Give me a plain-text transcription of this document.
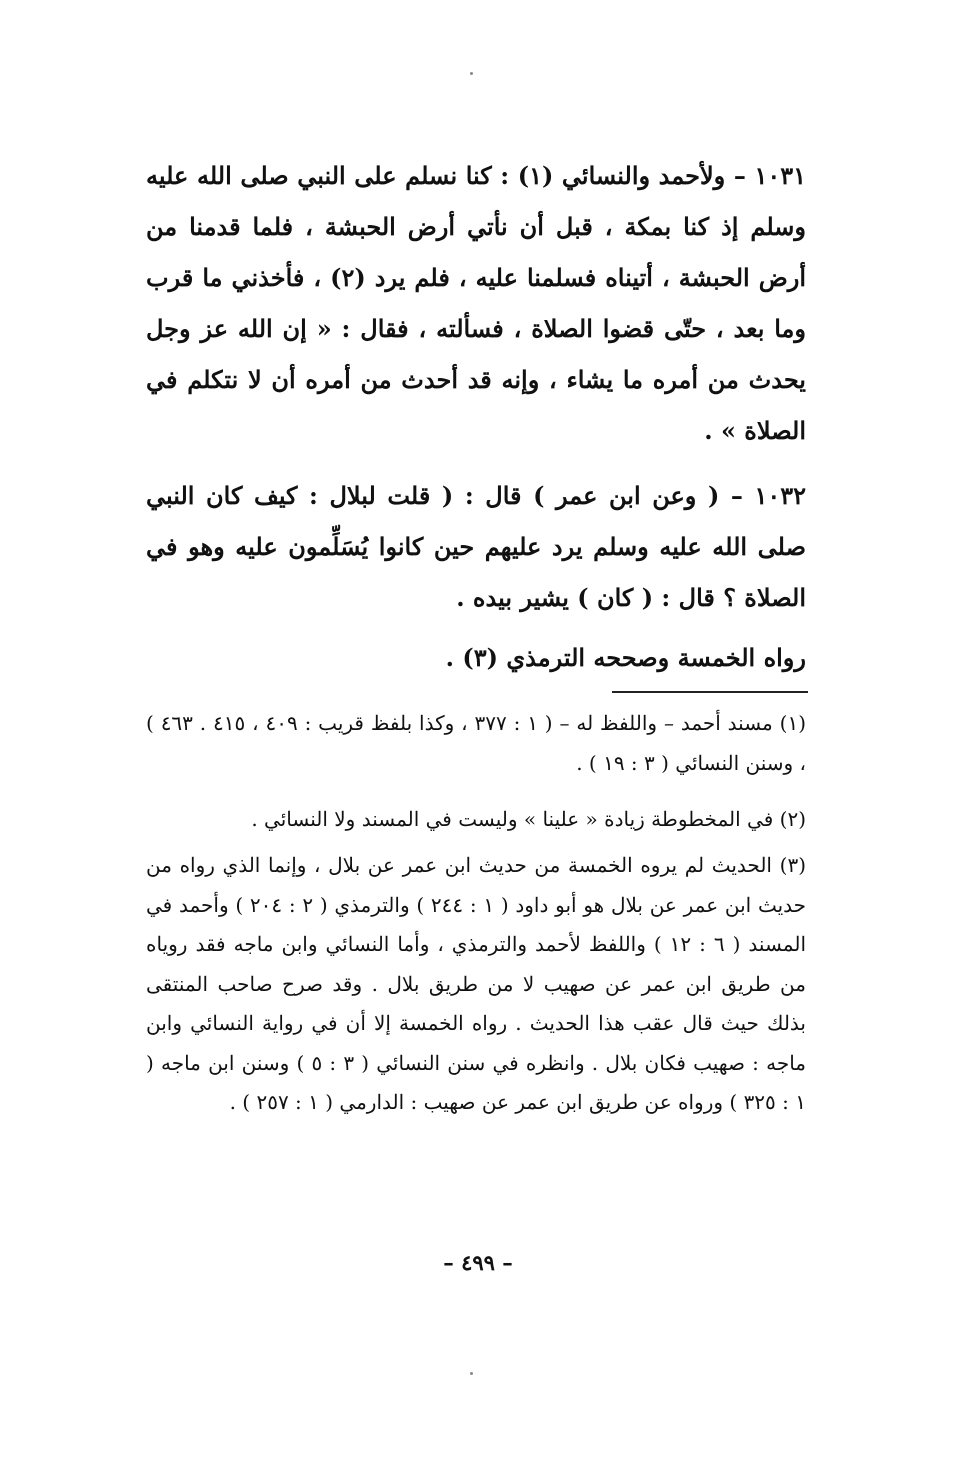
١٠٣١ – ولأحمد والنسائي (١) : كنا نسلم على النبي صلى الله عليه وسلم إذ كنا بمكة ، قبل أن نأتي أرض الحبشة ، فلما قدمنا من أرض الحبشة ، أتيناه فسلمنا عليه ، فلم يرد (٢) ، فأخذني ما قرب وما بعد ، حتّى قضوا الصلاة ، فسألته ، فقال : « إن الله عز وجل يحدث من أمره ما يشاء ، وإنه قد أحدث من أمره أن لا نتكلم في الصلاة » .

١٠٣٢ – ( وعن ابن عمر ) قال : ( قلت لبلال : كيف كان النبي صلى الله عليه وسلم يرد عليهم حين كانوا يُسَلِّمون عليه وهو في الصلاة ؟ قال : ( كان ) يشير بيده .

رواه الخمسة وصححه الترمذي (٣) .

(١) مسند أحمد – واللفظ له – ( ١ : ٣٧٧ ، وكذا بلفظ قريب : ٤٠٩ ، ٤١٥ . ٤٦٣ ) ، وسنن النسائي ( ٣ : ١٩ ) .

(٢) في المخطوطة زيادة « علينا » وليست في المسند ولا النسائي .

(٣) الحديث لم يروه الخمسة من حديث ابن عمر عن بلال ، وإنما الذي رواه من حديث ابن عمر عن بلال هو أبو داود ( ١ : ٢٤٤ ) والترمذي ( ٢ : ٢٠٤ ) وأحمد في المسند ( ٦ : ١٢ ) واللفظ لأحمد والترمذي ، وأما النسائي وابن ماجه فقد روياه من طريق ابن عمر عن صهيب لا من طريق بلال . وقد صرح صاحب المنتقى بذلك حيث قال عقب هذا الحديث . رواه الخمسة إلا أن في رواية النسائي وابن ماجه : صهيب فكان بلال . وانظره في سنن النسائي ( ٣ : ٥ ) وسنن ابن ماجه ( ١ : ٣٢٥ ) ورواه عن طريق ابن عمر عن صهيب : الدارمي ( ١ : ٢٥٧ ) .

– ٤٩٩ –
